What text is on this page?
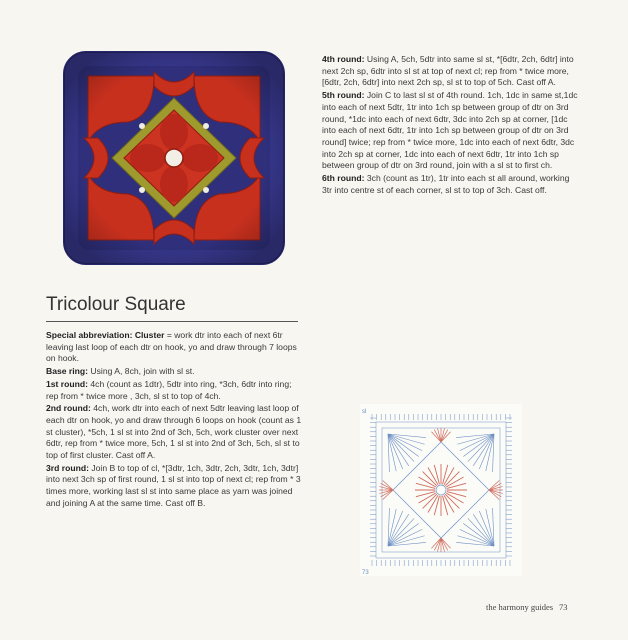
Tricolour Square

Special abbreviation: Cluster = work dtr into each of next 6tr leaving last loop of each dtr on hook, yo and draw through 7 loops on hook.

Base ring: Using A, 8ch, join with sl st.

1st round: 4ch (count as 1dtr), 5dtr into ring, *3ch, 6dtr into ring; rep from * twice more , 3ch, sl st to top of 4ch.

2nd round: 4ch, work dtr into each of next 5dtr leaving last loop of each dtr on hook, yo and draw through 6 loops on hook (count as 1 st cluster), *5ch, 1 sl st into 2nd of 3ch, 5ch, work cluster over next 6dtr, rep from * twice more, 5ch, 1 sl st into 2nd of 3ch, 5ch, sl st to top of first cluster. Cast off A.

3rd round: Join B to top of cl, *[3dtr, 1ch, 3dtr, 2ch, 3dtr, 1ch, 3dtr] into next 3ch sp of first round, 1 sl st into top of next cl; rep from * 3 times more, working last sl st into same place as yarn was joined and joining A at the same time. Cast off B.

4th round: Using A, 5ch, 5dtr into same sl st, *[6dtr, 2ch, 6dtr] into next 2ch sp, 6dtr into sl st at top of next cl; rep from * twice more, [6dtr, 2ch, 6dtr] into next 2ch sp, sl st to top of 5ch. Cast off A.

5th round: Join C to last sl st of 4th round. 1ch, 1dc in same st,1dc into each of next 5dtr, 1tr into 1ch sp between group of dtr on 3rd round, *1dc into each of next 6dtr, 3dc into 2ch sp at corner, [1dc into each of next 6dtr, 1tr into 1ch sp between group of dtr on 3rd round] twice; rep from * twice more, 1dc into each of next 6dtr, 3dc into 2ch sp at corner, 1dc into each of next 6dtr, 1tr into 1ch sp between group of dtr on 3rd round, join with a sl st to first ch.

6th round: 3ch (count as 1tr), 1tr into each st all around, working 3tr into centre st of each corner, sl st to top of 3ch. Cast off.

sl
73
the harmony guides 73
